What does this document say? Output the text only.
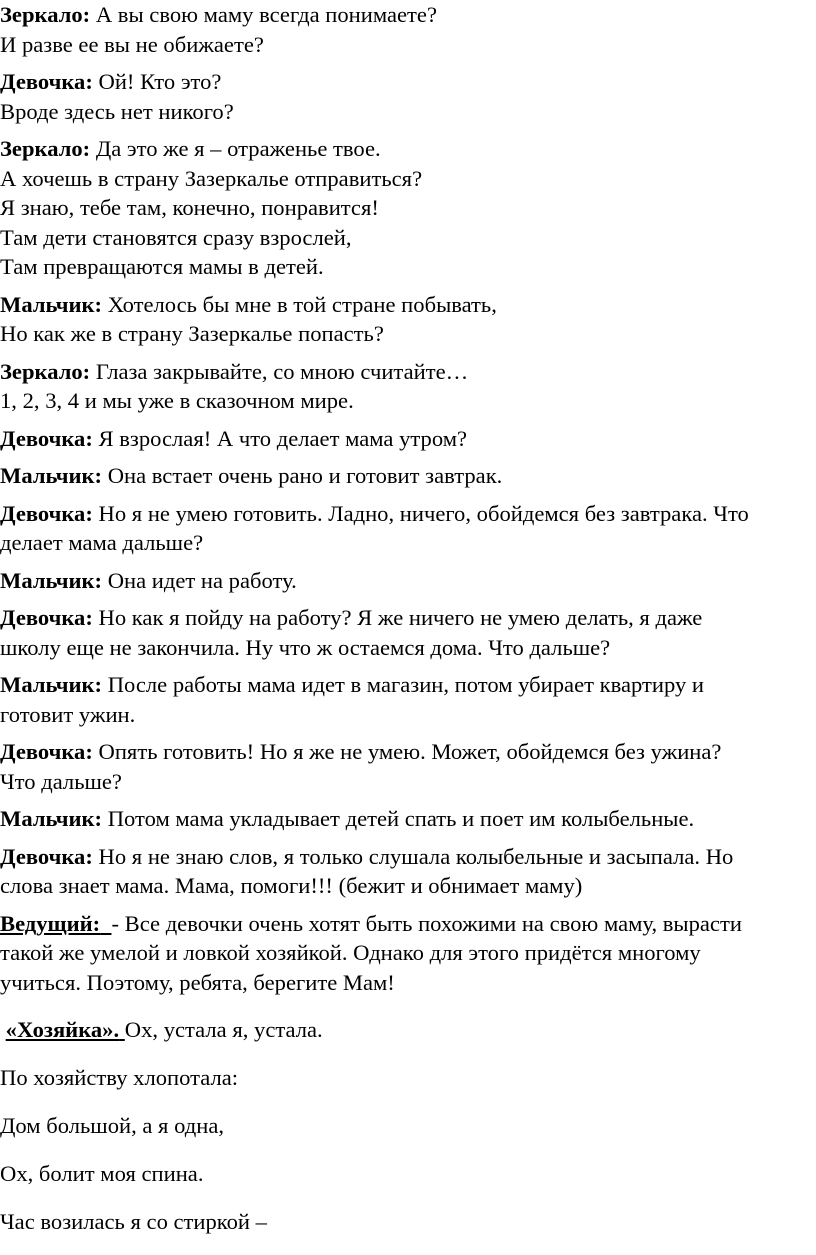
Зеркало: А вы свою маму всегда понимаете?
И разве ее вы не обижаете?
Девочка: Ой! Кто это?
Вроде здесь нет никого?
Зеркало: Да это же я – отраженье твое.
А хочешь в страну Зазеркалье отправиться?
Я знаю, тебе там, конечно, понравится!
Там дети становятся сразу взрослей,
Там превращаются мамы в детей.
Мальчик: Хотелось бы мне в той стране побывать,
Но как же в страну Зазеркалье попасть?
Зеркало: Глаза закрывайте, со мною считайте…
1, 2, 3, 4 и мы уже в сказочном мире.
Девочка: Я взрослая! А что делает мама утром?
Мальчик: Она встает очень рано и готовит завтрак.
Девочка: Но я не умею готовить. Ладно, ничего, обойдемся без завтрака. Что
делает мама дальше?
Мальчик: Она идет на работу.
Девочка: Но как я пойду на работу? Я же ничего не умею делать, я даже
школу еще не закончила. Ну что ж остаемся дома. Что дальше?
Мальчик: После работы мама идет в магазин, потом убирает квартиру и
готовит ужин.
Девочка: Опять готовить! Но я же не умею. Может, обойдемся без ужина?
Что дальше?
Мальчик: Потом мама укладывает детей спать и поет им колыбельные.
Девочка: Но я не знаю слов, я только слушала колыбельные и засыпала. Но
слова знает мама. Мама, помоги!!! (бежит и обнимает маму)
Ведущий: - Все девочки очень хотят быть похожими на свою маму, вырасти
такой же умелой и ловкой хозяйкой. Однако для этого придётся многому
учиться. Поэтому, ребята, берегите Мам!
«Хозяйка». Ох, устала я, устала.
По хозяйству хлопотала:
Дом большой, а я одна,
Ох, болит моя спина.
Час возилась я со стиркой –
